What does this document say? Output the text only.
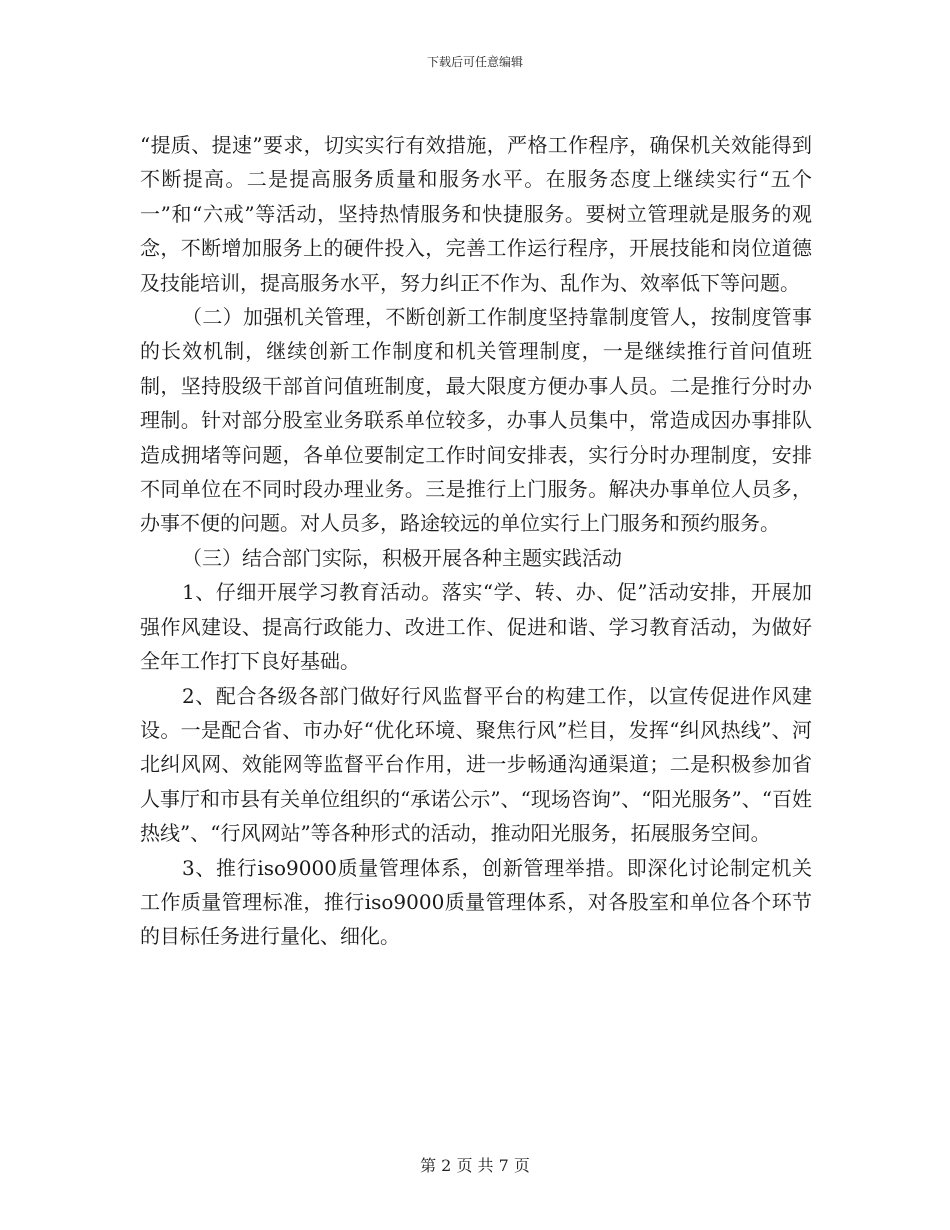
下载后可任意编辑

“提质、提速”要求，切实实行有效措施，严格工作程序，确保机关效能得到不断提高。二是提高服务质量和服务水平。在服务态度上继续实行“五个一”和“六戒”等活动，坚持热情服务和快捷服务。要树立管理就是服务的观念，不断增加服务上的硬件投入，完善工作运行程序，开展技能和岗位道德及技能培训，提高服务水平，努力纠正不作为、乱作为、效率低下等问题。

（二）加强机关管理，不断创新工作制度坚持靠制度管人，按制度管事的长效机制，继续创新工作制度和机关管理制度，一是继续推行首问值班制，坚持股级干部首问值班制度，最大限度方便办事人员。二是推行分时办理制。针对部分股室业务联系单位较多，办事人员集中，常造成因办事排队造成拥堵等问题，各单位要制定工作时间安排表，实行分时办理制度，安排不同单位在不同时段办理业务。三是推行上门服务。解决办事单位人员多，办事不便的问题。对人员多，路途较远的单位实行上门服务和预约服务。

（三）结合部门实际，积极开展各种主题实践活动

1、仔细开展学习教育活动。落实“学、转、办、促”活动安排，开展加强作风建设、提高行政能力、改进工作、促进和谐、学习教育活动，为做好全年工作打下良好基础。

2、配合各级各部门做好行风监督平台的构建工作，以宣传促进作风建设。一是配合省、市办好“优化环境、聚焦行风”栏目，发挥“纠风热线”、河北纠风网、效能网等监督平台作用，进一步畅通沟通渠道；二是积极参加省人事厅和市县有关单位组织的“承诺公示”、“现场咨询”、“阳光服务”、“百姓热线”、“行风网站”等各种形式的活动，推动阳光服务，拓展服务空间。

3、推行iso9000质量管理体系，创新管理举措。即深化讨论制定机关工作质量管理标准，推行iso9000质量管理体系，对各股室和单位各个环节的目标任务进行量化、细化。

第 2 页 共 7 页
